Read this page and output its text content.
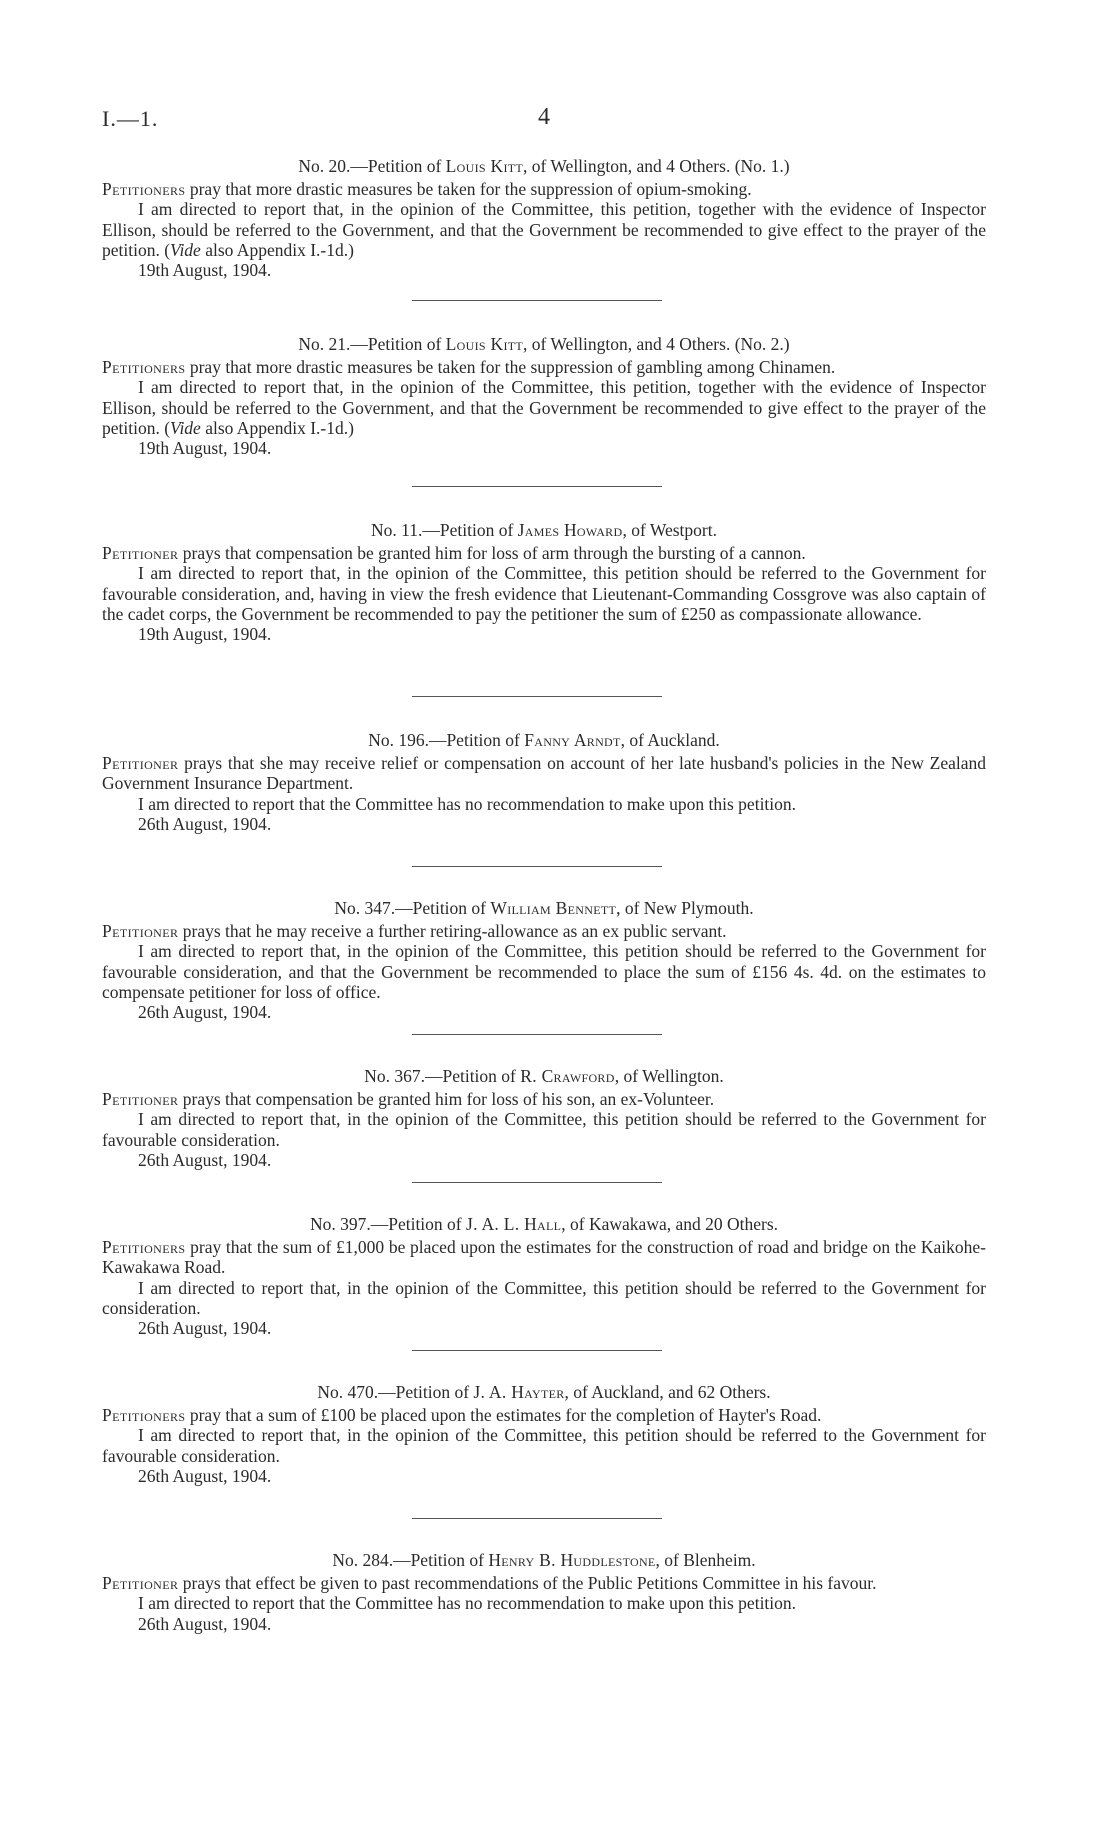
I.—1.	4

No. 20.—Petition of Louis Kitt, of Wellington, and 4 Others. (No. 1.)

Petitioners pray that more drastic measures be taken for the suppression of opium-smoking.

I am directed to report that, in the opinion of the Committee, this petition, together with the evidence of Inspector Ellison, should be referred to the Government, and that the Government be recommended to give effect to the prayer of the petition. (Vide also Appendix I.-1d.)

19th August, 1904.

No. 21.—Petition of Louis Kitt, of Wellington, and 4 Others. (No. 2.)

Petitioners pray that more drastic measures be taken for the suppression of gambling among Chinamen.

I am directed to report that, in the opinion of the Committee, this petition, together with the evidence of Inspector Ellison, should be referred to the Government, and that the Government be recommended to give effect to the prayer of the petition. (Vide also Appendix I.-1d.)

19th August, 1904.

No. 11.—Petition of James Howard, of Westport.

Petitioner prays that compensation be granted him for loss of arm through the bursting of a cannon.

I am directed to report that, in the opinion of the Committee, this petition should be referred to the Government for favourable consideration, and, having in view the fresh evidence that Lieutenant-Commanding Cossgrove was also captain of the cadet corps, the Government be recommended to pay the petitioner the sum of £250 as compassionate allowance.

19th August, 1904.

No. 196.—Petition of Fanny Arndt, of Auckland.

Petitioner prays that she may receive relief or compensation on account of her late husband's policies in the New Zealand Government Insurance Department.

I am directed to report that the Committee has no recommendation to make upon this petition.

26th August, 1904.

No. 347.—Petition of William Bennett, of New Plymouth.

Petitioner prays that he may receive a further retiring-allowance as an ex public servant.

I am directed to report that, in the opinion of the Committee, this petition should be referred to the Government for favourable consideration, and that the Government be recommended to place the sum of £156 4s. 4d. on the estimates to compensate petitioner for loss of office.

26th August, 1904.

No. 367.—Petition of R. Crawford, of Wellington.

Petitioner prays that compensation be granted him for loss of his son, an ex-Volunteer.

I am directed to report that, in the opinion of the Committee, this petition should be referred to the Government for favourable consideration.

26th August, 1904.

No. 397.—Petition of J. A. L. Hall, of Kawakawa, and 20 Others.

Petitioners pray that the sum of £1,000 be placed upon the estimates for the construction of road and bridge on the Kaikohe-Kawakawa Road.

I am directed to report that, in the opinion of the Committee, this petition should be referred to the Government for consideration.

26th August, 1904.

No. 470.—Petition of J. A. Hayter, of Auckland, and 62 Others.

Petitioners pray that a sum of £100 be placed upon the estimates for the completion of Hayter's Road.

I am directed to report that, in the opinion of the Committee, this petition should be referred to the Government for favourable consideration.

26th August, 1904.

No. 284.—Petition of Henry B. Huddlestone, of Blenheim.

Petitioner prays that effect be given to past recommendations of the Public Petitions Committee in his favour.

I am directed to report that the Committee has no recommendation to make upon this petition.

26th August, 1904.
